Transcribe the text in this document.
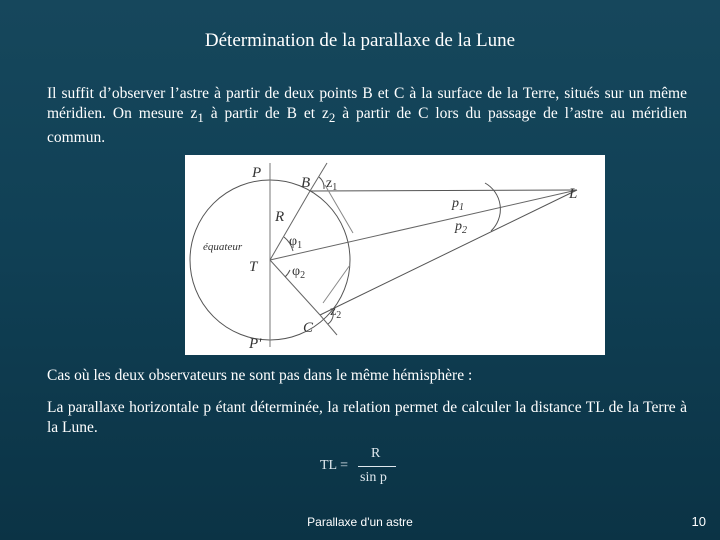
Détermination de la parallaxe de la Lune
Il suffit d’observer l’astre à partir de deux points B et C à la surface de la Terre, situés sur un même méridien. On mesure $z_1$ à partir de B et $z_2$ à partir de C lors du passage de l’astre au méridien commun.
P
B $z_1$
R
$\varphi_1$
équateur
T $\varphi_2$
$z_2$
C
P'
L
$p_1$
$p_2$
Cas où les deux observateurs ne sont pas dans le même hémisphère :
La parallaxe horizontale p étant déterminée, la relation permet de calculer la distance TL de la Terre à la Lune.
TL =
R
sin p
Parallaxe d'un astre	10
